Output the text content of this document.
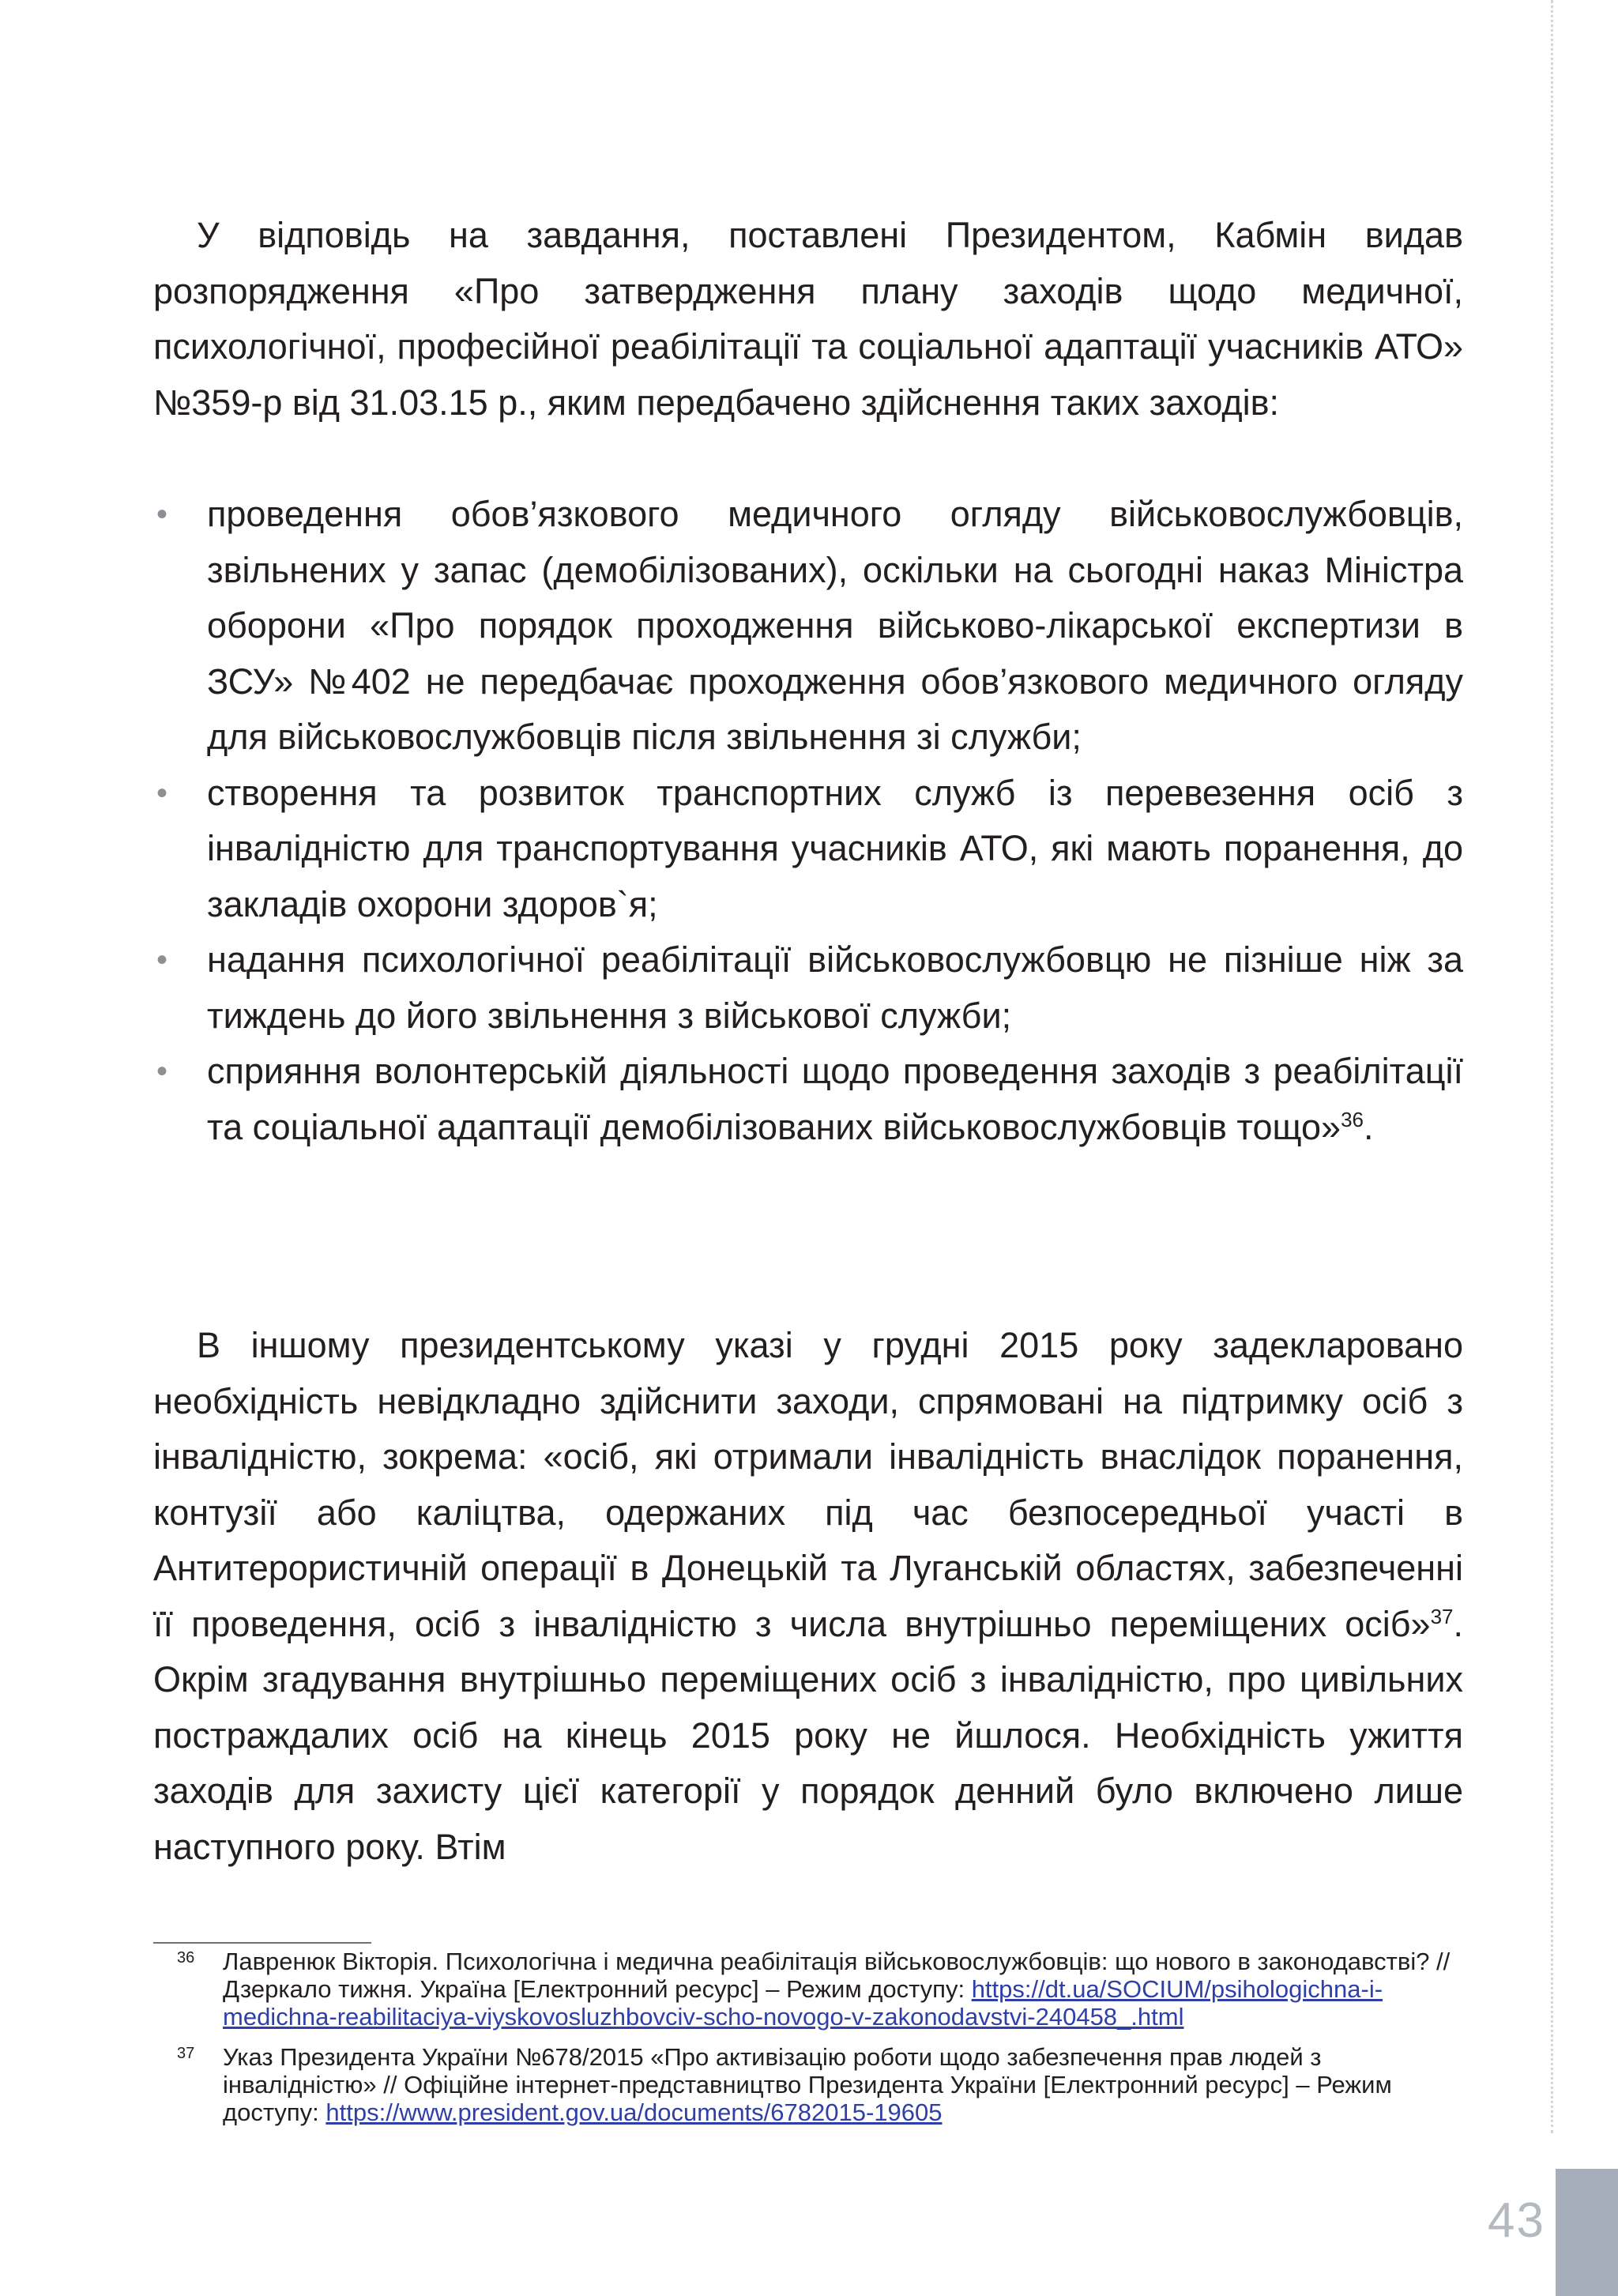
У відповідь на завдання, поставлені Президентом, Кабмін видав розпорядження «Про затвердження плану заходів щодо медичної, психологічної, професійної реабілітації та соціальної адаптації учасників АТО» №359-р від 31.03.15 р., яким передбачено здійснення таких заходів:

• проведення обов’язкового медичного огляду військовослужбовців, звільнених у запас (демобілізованих), оскільки на сьогодні наказ Міністра оборони «Про порядок проходження військово-лікарської експертизи в ЗСУ» №402 не передбачає проходження обов’язкового медичного огляду для військовослужбовців після звільнення зі служби;
• створення та розвиток транспортних служб із перевезення осіб з інвалідністю для транспортування учасників АТО, які мають поранення, до закладів охорони здоров`я;
• надання психологічної реабілітації військовослужбовцю не пізніше ніж за тиждень до його звільнення з військової служби;
• сприяння волонтерській діяльності щодо проведення заходів з реабілітації та соціальної адаптації демобілізованих військовослужбовців тощо»$^{36}$.

В іншому президентському указі у грудні 2015 року задекларовано необхідність невідкладно здійснити заходи, спрямовані на підтримку осіб з інвалідністю, зокрема: «осіб, які отримали інвалідність внаслідок поранення, контузії або каліцтва, одержаних під час безпосередньої участі в Антитерористичній операції в Донецькій та Луганській областях, забезпеченні її проведення, осіб з інвалідністю з числа внутрішньо переміщених осіб»$^{37}$. Окрім згадування внутрішньо переміщених осіб з інвалідністю, про цивільних постраждалих осіб на кінець 2015 року не йшлося. Необхідність ужиття заходів для захисту цієї категорії у порядок денний було включено лише наступного року. Втім

36 Лавренюк Вікторія. Психологічна і медична реабілітація військовослужбовців: що нового в законодавстві? // Дзеркало тижня. Україна [Електронний ресурс] – Режим доступу: https://dt.ua/SOCIUM/psihologichna-i-medichna-reabilitaciya-viyskovosluzhbovciv-scho-novogo-v-zakonodavstvi-240458_.html

37 Указ Президента України №678/2015 «Про активізацію роботи щодо забезпечення прав людей з інвалідністю» // Офіційне інтернет-представництво Президента України [Електронний ресурс] – Режим доступу: https://www.president.gov.ua/documents/6782015-19605

43
